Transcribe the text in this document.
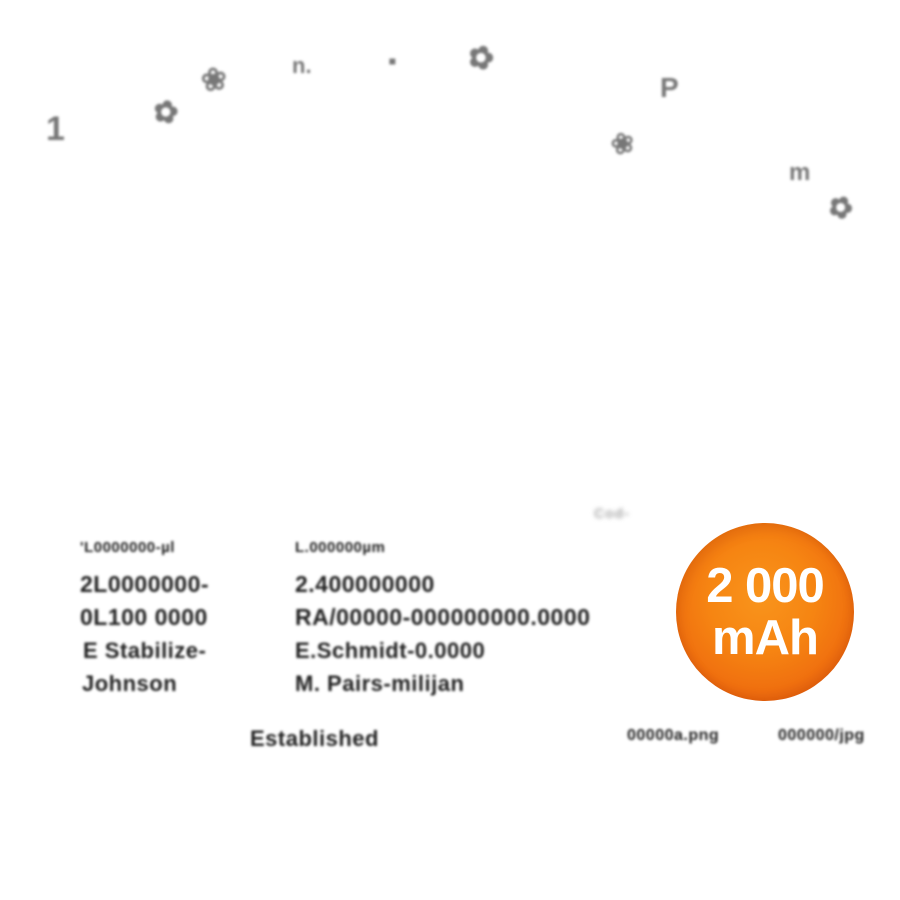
1	✿
❀	n.	▪ ✿
P
❀
m
✿
Cod-
'L0000000-µl	L.000000µm
2L0000000-	2.400000000
0L100 0000	RA/00000-000000000.0000
E Stabilize-	E.Schmidt-0.0000
Johnson	M. Pairs-milijan
Established	00000a.png	000000/jpg
2 000
mAh
